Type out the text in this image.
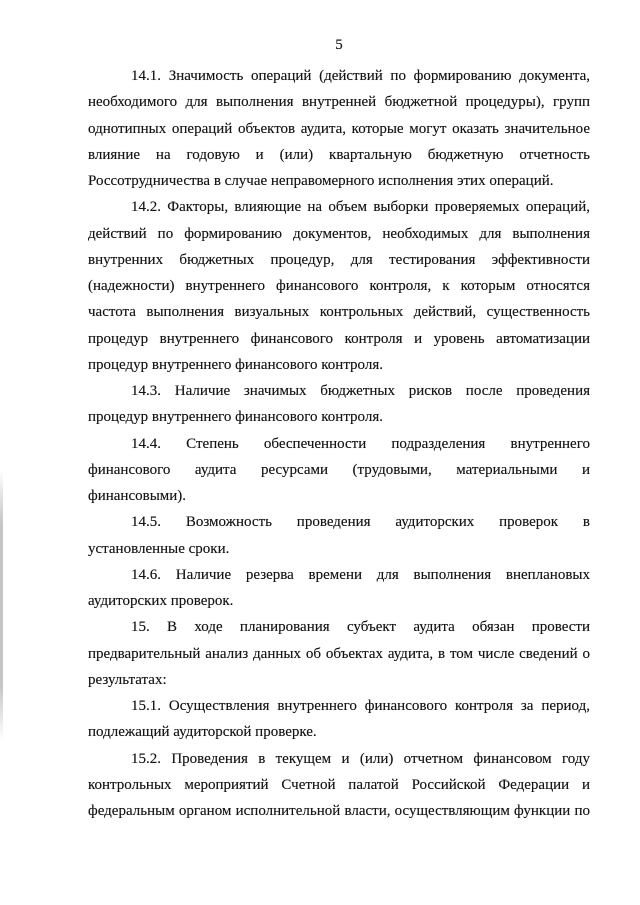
5
14.1. Значимость операций (действий по формированию документа,
необходимого для выполнения внутренней бюджетной процедуры), групп
однотипных операций объектов аудита, которые могут оказать значительное
влияние на годовую и (или) квартальную бюджетную отчетность
Россотрудничества в случае неправомерного исполнения этих операций.
14.2. Факторы, влияющие на объем выборки проверяемых операций,
действий по формированию документов, необходимых для выполнения
внутренних бюджетных процедур, для тестирования эффективности
(надежности) внутреннего финансового контроля, к которым относятся
частота выполнения визуальных контрольных действий, существенность
процедур внутреннего финансового контроля и уровень автоматизации
процедур внутреннего финансового контроля.
14.3. Наличие значимых бюджетных рисков после проведения
процедур внутреннего финансового контроля.
14.4. Степень обеспеченности подразделения внутреннего
финансового аудита ресурсами (трудовыми, материальными и
финансовыми).
14.5. Возможность проведения аудиторских проверок в
установленные сроки.
14.6. Наличие резерва времени для выполнения внеплановых
аудиторских проверок.
15. В ходе планирования субъект аудита обязан провести
предварительный анализ данных об объектах аудита, в том числе сведений о
результатах:
15.1. Осуществления внутреннего финансового контроля за период,
подлежащий аудиторской проверке.
15.2. Проведения в текущем и (или) отчетном финансовом году
контрольных мероприятий Счетной палатой Российской Федерации и
федеральным органом исполнительной власти, осуществляющим функции по
